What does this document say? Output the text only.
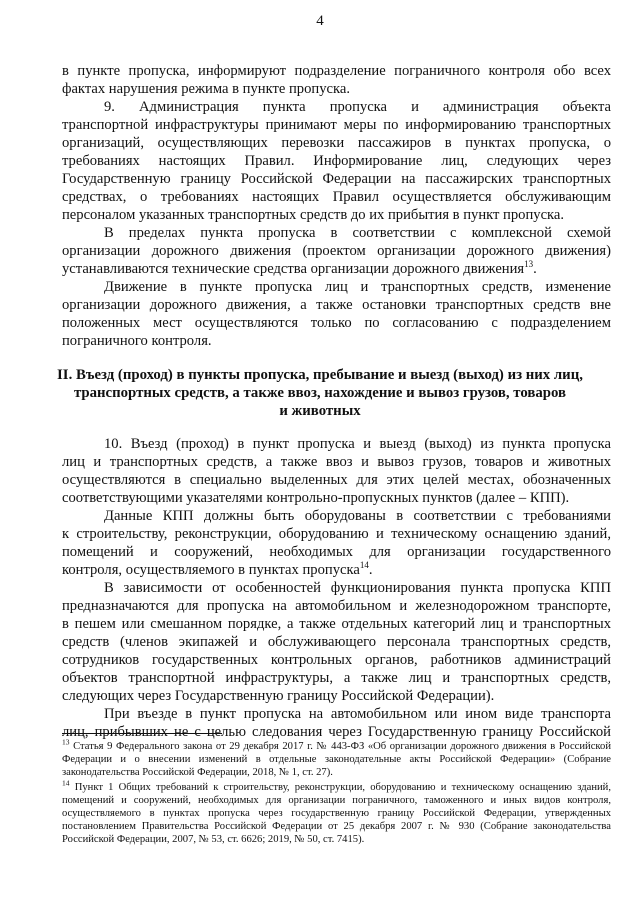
4
в пункте пропуска, информируют подразделение пограничного контроля обо всех
фактах нарушения режима в пункте пропуска.
9. Администрация пункта пропуска и администрация объекта
транспортной инфраструктуры принимают меры по информированию транспортных
организаций, осуществляющих перевозки пассажиров в пунктах пропуска, о
требованиях настоящих Правил. Информирование лиц, следующих через
Государственную границу Российской Федерации на пассажирских транспортных
средствах, о требованиях настоящих Правил осуществляется обслуживающим
персоналом указанных транспортных средств до их прибытия в пункт пропуска.
В пределах пункта пропуска в соответствии с комплексной схемой
организации дорожного движения (проектом организации дорожного движения)
устанавливаются технические средства организации дорожного движения$^{13}$.
Движение в пункте пропуска лиц и транспортных средств, изменение
организации дорожного движения, а также остановки транспортных средств вне
положенных мест осуществляются только по согласованию с подразделением
пограничного контроля.
II. Въезд (проход) в пункты пропуска, пребывание и выезд (выход) из них лиц,
транспортных средств, а также ввоз, нахождение и вывоз грузов, товаров
и животных
10. Въезд (проход) в пункт пропуска и выезд (выход) из пункта пропуска
лиц и транспортных средств, а также ввоз и вывоз грузов, товаров и животных
осуществляются в специально выделенных для этих целей местах, обозначенных
соответствующими указателями контрольно-пропускных пунктов (далее – КПП).
Данные КПП должны быть оборудованы в соответствии с требованиями
к строительству, реконструкции, оборудованию и техническому оснащению зданий,
помещений и сооружений, необходимых для организации государственного
контроля, осуществляемого в пунктах пропуска$^{14}$.
В зависимости от особенностей функционирования пункта пропуска КПП
предназначаются для пропуска на автомобильном и железнодорожном транспорте,
в пешем или смешанном порядке, а также отдельных категорий лиц и транспортных
средств (членов экипажей и обслуживающего персонала транспортных средств,
сотрудников государственных контрольных органов, работников администраций
объектов транспортной инфраструктуры, а также лиц и транспортных средств,
следующих через Государственную границу Российской Федерации).
При въезде в пункт пропуска на автомобильном или ином виде транспорта
лиц, прибывших не с целью следования через Государственную границу Российской
$^{13}$ Статья 9 Федерального закона от 29 декабря 2017 г. № 443-ФЗ «Об организации дорожного движения в Российской
Федерации и о внесении изменений в отдельные законодательные акты Российской Федерации» (Собрание
законодательства Российской Федерации, 2018, № 1, ст. 27).
$^{14}$ Пункт 1 Общих требований к строительству, реконструкции, оборудованию и техническому оснащению зданий,
помещений и сооружений, необходимых для организации пограничного, таможенного и иных видов контроля,
осуществляемого в пунктах пропуска через государственную границу Российской Федерации, утвержденных
постановлением Правительства Российской Федерации от 25 декабря 2007 г. № 930 (Собрание законодательства
Российской Федерации, 2007, № 53, ст. 6626; 2019, № 50, ст. 7415).
